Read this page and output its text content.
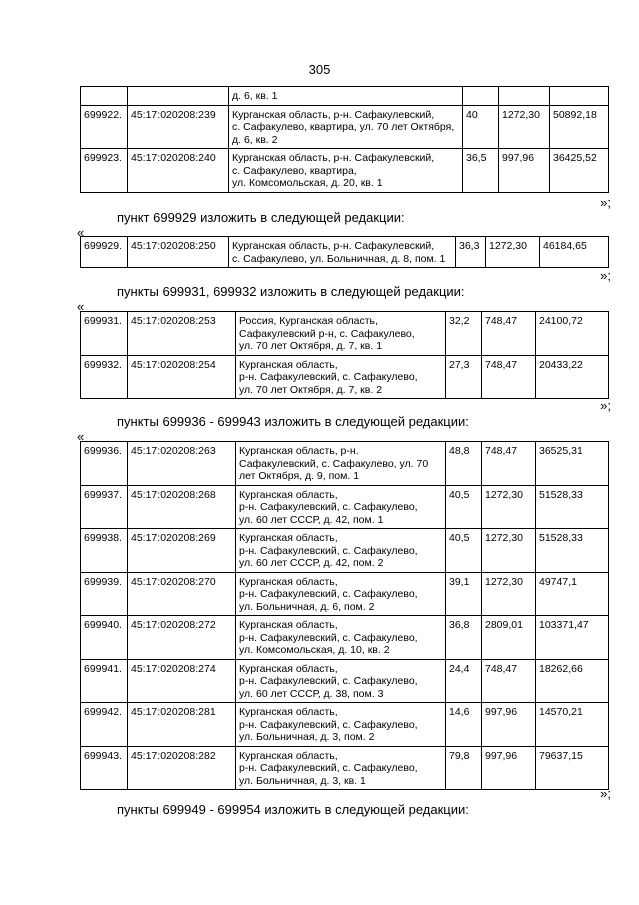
305

		д. 6, кв. 1			

699922.	45:17:020208:239	Курганская область, р-н. Сафакулевский,
с. Сафакулево, квартира, ул. 70 лет Октября,
д. 6, кв. 2	40	1272,30	50892,18
699923.	45:17:020208:240	Курганская область, р-н. Сафакулевский,
с. Сафакулево, квартира,
ул. Комсомольская, д. 20, кв. 1	36,5	997,96	36425,52
»;
пункт 699929 изложить в следующей редакции:
«
699929.	45:17:020208:250	Курганская область, р-н. Сафакулевский,
с. Сафакулево, ул. Больничная, д. 8, пом. 1
	36,3	1272,30	46184,65
»;
пункты 699931, 699932 изложить в следующей редакции:
«
699931.	45:17:020208:253	Россия, Курганская область,
Сафакулевский р-н, с. Сафакулево,
ул. 70 лет Октября, д. 7, кв. 1	32,2	748,47	24100,72
699932.	45:17:020208:254	Курганская область,
р-н. Сафакулевский, с. Сафакулево,
ул. 70 лет Октября, д. 7, кв. 2	27,3	748,47	20433,22
»;
пункты 699936 - 699943 изложить в следующей редакции:
«
699936.	45:17:020208:263	Курганская область, р-н.
Сафакулевский, с. Сафакулево, ул. 70
лет Октября, д. 9, пом. 1	48,8	748,47	36525,31
699937.	45:17:020208:268	Курганская область,
р-н. Сафакулевский, с. Сафакулево,
ул. 60 лет СССР, д. 42, пом. 1	40,5	1272,30	51528,33
699938.	45:17:020208:269	Курганская область,
р-н. Сафакулевский, с. Сафакулево,
ул. 60 лет СССР, д. 42, пом. 2	40,5	1272,30	51528,33
699939.	45:17:020208:270	Курганская область,
р-н. Сафакулевский, с. Сафакулево,
ул. Больничная, д. 6, пом. 2	39,1	1272,30	49747,1
699940.	45:17:020208:272	Курганская область,
р-н. Сафакулевский, с. Сафакулево,
ул. Комсомольская, д. 10, кв. 2	36,8	2809,01	103371,47
699941.	45:17:020208:274	Курганская область,
р-н. Сафакулевский, с. Сафакулево,
ул. 60 лет СССР, д. 38, пом. 3	24,4	748,47	18262,66
699942.	45:17:020208:281	Курганская область,
р-н. Сафакулевский, с. Сафакулево,
ул. Больничная, д. 3, пом. 2	14,6	997,96	14570,21
699943.	45:17:020208:282	Курганская область,
р-н. Сафакулевский, с. Сафакулево,
ул. Больничная, д. 3, кв. 1	79,8	997,96	79637,15
»;
пункты 699949 - 699954 изложить в следующей редакции:
